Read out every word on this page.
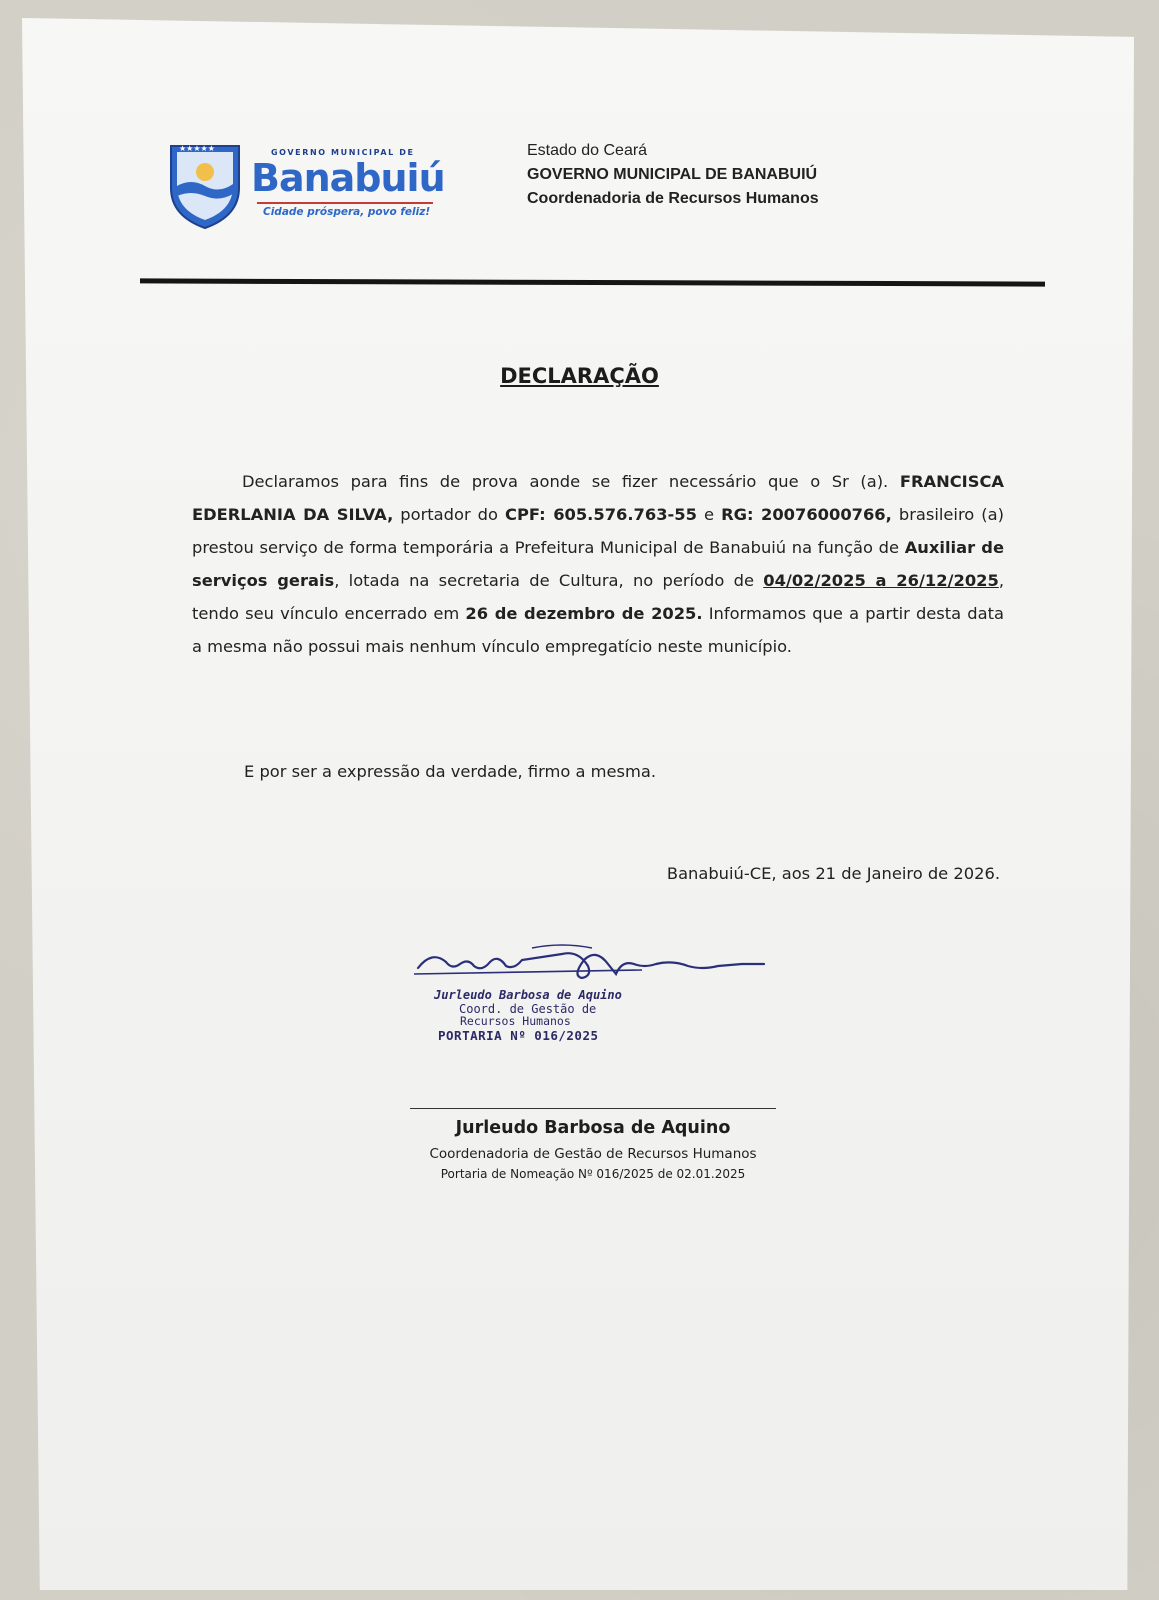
★★★★★	GOVERNO MUNICIPAL DE
Banabuiú
Cidade próspera, povo feliz!
Estado do Ceará
GOVERNO MUNICIPAL DE BANABUIÚ
Coordenadoria de Recursos Humanos
DECLARAÇÃO
Declaramos para fins de prova aonde se fizer necessário que o Sr (a). FRANCISCA EDERLANIA DA SILVA, portador do CPF: 605.576.763-55 e RG: 20076000766, brasileiro (a) prestou serviço de forma temporária a Prefeitura Municipal de Banabuiú na função de Auxiliar de serviços gerais, lotada na secretaria de Cultura, no período de 04/02/2025 a 26/12/2025, tendo seu vínculo encerrado em 26 de dezembro de 2025. Informamos que a partir desta data a mesma não possui mais nenhum vínculo empregatício neste município.
E por ser a expressão da verdade, firmo a mesma.
Banabuiú-CE, aos 21 de Janeiro de 2026.
Jurleudo Barbosa de Aquino
Coord. de Gestão de
Recursos Humanos
PORTARIA Nº 016/2025
Jurleudo Barbosa de Aquino
Coordenadoria de Gestão de Recursos Humanos
Portaria de Nomeação Nº 016/2025 de 02.01.2025
